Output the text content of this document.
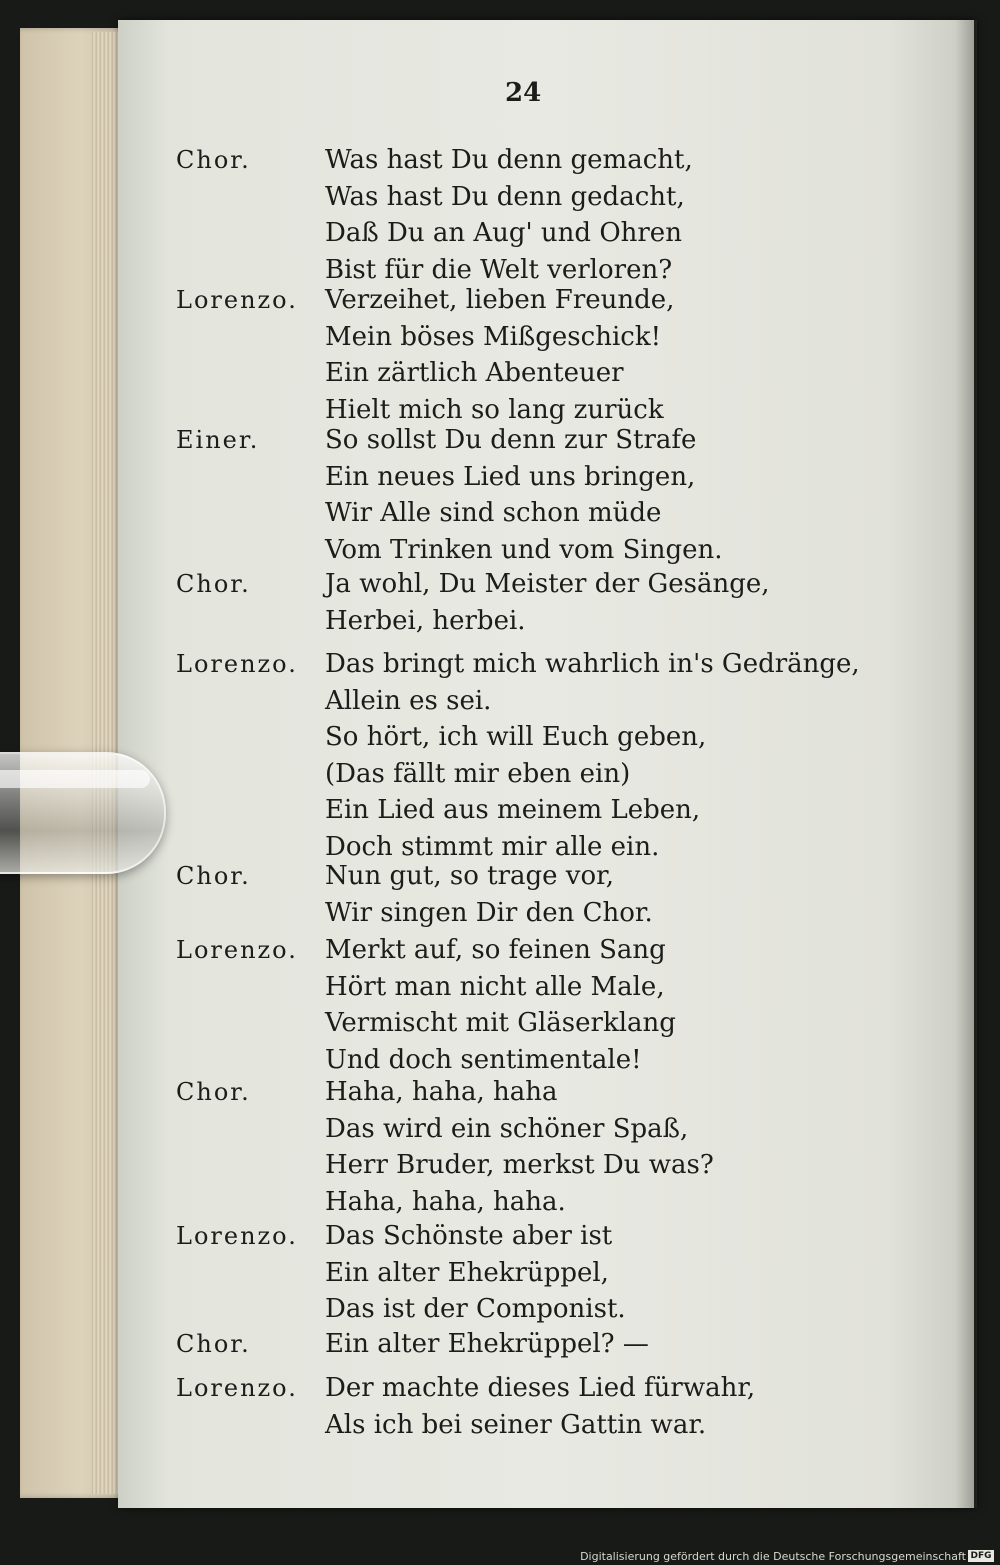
24
Chor.	Was hast Du denn gemacht,
Was hast Du denn gedacht,
Daß Du an Aug' und Ohren
Bist für die Welt verloren?
Lorenzo. Verzeihet, lieben Freunde,
Mein böses Mißgeschick!
Ein zärtlich Abenteuer
Hielt mich so lang zurück
Einer.	So sollst Du denn zur Strafe
Ein neues Lied uns bringen,
Wir Alle sind schon müde
Vom Trinken und vom Singen.
Chor.	Ja wohl, Du Meister der Gesänge,
Herbei, herbei.
Lorenzo. Das bringt mich wahrlich in's Gedränge,
Allein es sei.
So hört, ich will Euch geben,
(Das fällt mir eben ein)
Ein Lied aus meinem Leben,
Doch stimmt mir alle ein.
Chor.	Nun gut, so trage vor,
Wir singen Dir den Chor.
Lorenzo. Merkt auf, so feinen Sang
Hört man nicht alle Male,
Vermischt mit Gläserklang
Und doch sentimentale!
Chor.	Haha, haha, haha
Das wird ein schöner Spaß,
Herr Bruder, merkst Du was?
Haha, haha, haha.
Lorenzo. Das Schönste aber ist
Ein alter Ehekrüppel,
Das ist der Componist.
Chor.	Ein alter Ehekrüppel? —
Lorenzo. Der machte dieses Lied fürwahr,
Als ich bei seiner Gattin war.
Digitalisierung gefördert durch die Deutsche Forschungsgemeinschaft DFG
